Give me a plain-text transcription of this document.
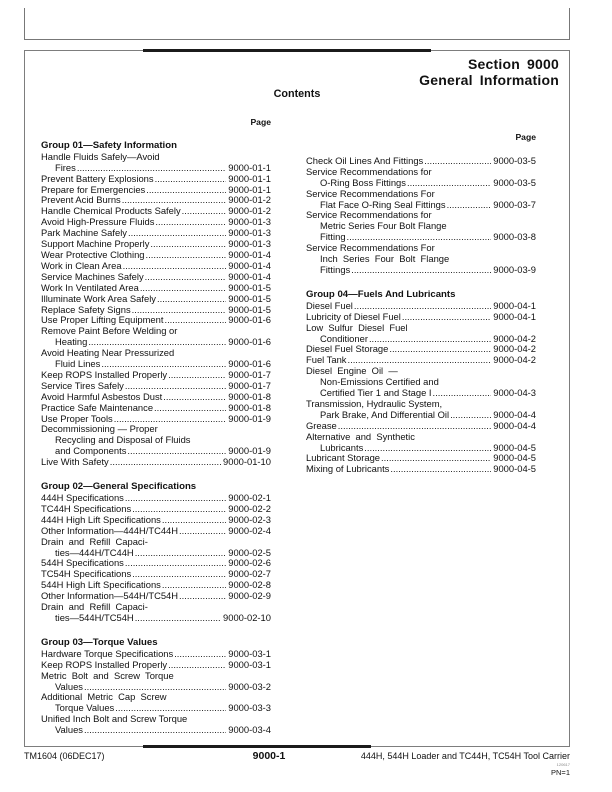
Section 9000
General Information
Contents
Page
Group 01—Safety Information
Handle Fluids Safely—Avoid
Fires .....	9000-01-1
Prevent Battery Explosions .....	9000-01-1
Prepare for Emergencies .....	9000-01-1
Prevent Acid Burns .....	9000-01-2
Handle Chemical Products Safely .....	9000-01-2
Avoid High-Pressure Fluids .....	9000-01-3
Park Machine Safely .....	9000-01-3
Support Machine Properly .....	9000-01-3
Wear Protective Clothing .....	9000-01-4
Work in Clean Area .....	9000-01-4
Service Machines Safely .....	9000-01-4
Work In Ventilated Area .....	9000-01-5
Illuminate Work Area Safely .....	9000-01-5
Replace Safety Signs .....	9000-01-5
Use Proper Lifting Equipment .....	9000-01-6
Remove Paint Before Welding or
Heating .....	9000-01-6
Avoid Heating Near Pressurized
Fluid Lines .....	9000-01-6
Keep ROPS Installed Properly .....	9000-01-7
Service Tires Safely .....	9000-01-7
Avoid Harmful Asbestos Dust .....	9000-01-8
Practice Safe Maintenance .....	9000-01-8
Use Proper Tools .....	9000-01-9
Decommissioning — Proper
Recycling and Disposal of Fluids
and Components .....	9000-01-9
Live With Safety .....	9000-01-10
Group 02—General Specifications
444H Specifications .....	9000-02-1
TC44H Specifications .....	9000-02-2
444H High Lift Specifications .....	9000-02-3
Other Information—444H/TC44H .....	9000-02-4
Drain  and  Refill  Capaci-
ties—444H/TC44H .....	9000-02-5
544H Specifications .....	9000-02-6
TC54H Specifications .....	9000-02-7
544H High Lift Specifications .....	9000-02-8
Other Information—544H/TC54H .....	9000-02-9
Drain  and  Refill  Capaci-
ties—544H/TC54H .....	9000-02-10
Group 03—Torque Values
Hardware Torque Specifications .....	9000-03-1
Keep ROPS Installed Properly .....	9000-03-1
Metric  Bolt  and  Screw  Torque
Values .....	9000-03-2
Additional  Metric  Cap  Screw
Torque Values .....	9000-03-3
Unified Inch Bolt and Screw Torque
Values .....	9000-03-4
Page
Check Oil Lines And Fittings .....	9000-03-5
Service Recommendations for
O-Ring Boss Fittings .....	9000-03-5
Service Recommendations For
Flat Face O-Ring Seal Fittings .....	9000-03-7
Service Recommendations for
Metric Series Four Bolt Flange
Fitting .....	9000-03-8
Service Recommendations For
Inch  Series  Four  Bolt  Flange
Fittings .....	9000-03-9
Group 04—Fuels And Lubricants
Diesel Fuel .....	9000-04-1
Lubricity of Diesel Fuel .....	9000-04-1
Low  Sulfur  Diesel  Fuel
Conditioner .....	9000-04-2
Diesel Fuel Storage .....	9000-04-2
Fuel Tank .....	9000-04-2
Diesel  Engine  Oil  —
Non-Emissions Certified and
Certified Tier 1 and Stage I .....	9000-04-3
Transmission, Hydraulic System,
Park Brake, And Differential Oil .....	9000-04-4
Grease .....	9000-04-4
Alternative  and  Synthetic
Lubricants .....	9000-04-5
Lubricant Storage .....	9000-04-5
Mixing of Lubricants .....	9000-04-5
TM1604 (06DEC17)	9000-1	444H, 544H Loader and TC44H, TC54H Tool Carrier
120617
PN=1
